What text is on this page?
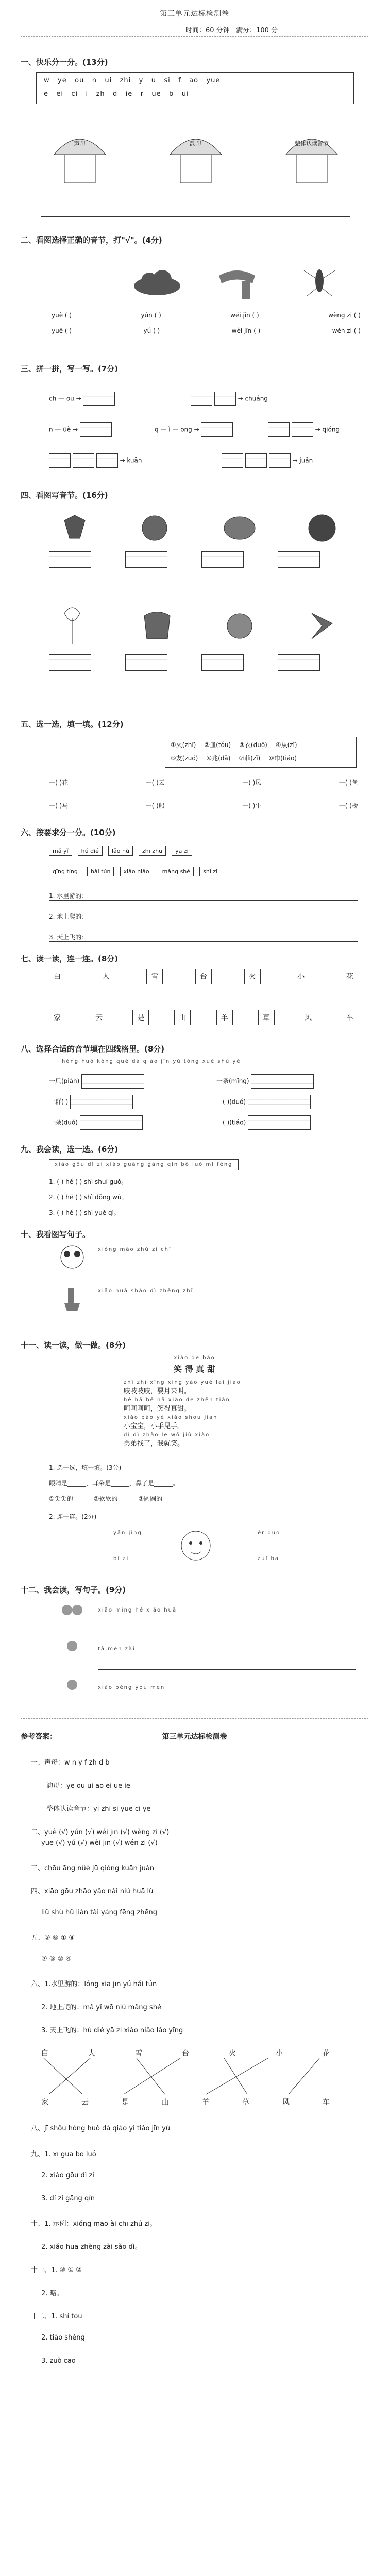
第三单元达标检测卷
时间：60 分钟 满分：100 分
一、快乐分一分。(13分)
w   ye   ou   n   ui   zhi   y   u   si   f   ao   yue
e   ei   ci   i   zh   d   ie   r   ue   b   ui
声母	韵母	整体认读音节
二、看图选择正确的音节，打"√"。(4分)
yuè ( )	yún ( )	wéi jīn ( )	wèng zi ( )
yuē ( )	yú ( )	wèi jīn ( )	wén zi ( )
三、拼一拼，写一写。(7分)
ch — ōu →	→ chuáng
n — üè →	q — ì — ōng →	→ qióng
→ kuān	→ juǎn
四、看图写音节。(16分)
五、选一选，填一填。(12分)
①火(zhī) ②皿(tóu) ③衣(duō) ④从(zǐ)
⑤友(zuó) ⑥兆(dā) ⑦菲(zǐ) ⑧巾(tiáo)
一( )花	一( )云	一( )凤	一( )鱼
一( )马	一( )船	一( )牛	一( )桥
六、按要求分一分。(10分)
mǎ yǐ hú dié lǎo hǔ zhī zhū yā zi
qīng tíng hǎi tún xiǎo niǎo mǎng shé shī zi
1. 水里游的：
2. 地上爬的：
3. 天上飞的：
七、读一读，连一连。(8分)
白	人	雪	台	火	小	花
家	云	是	山	羊	草	风	车
八、选择合适的音节填在四线格里。(8分)
hóng huò kǒng què dà qiáo jīn yú tóng xué shù yè
一只(piàn)
一群( )
一朵(duǒ)
一条(mīng)
一( )(duó)
一( )(tiáo)
九、我会读，选一选。(6分)
xiāo gōu dì zi xiǎo guāng gāng qín bō luó mǐ fēng
1. ( ) hé ( ) shì shuí guǒ。
2. ( ) hé ( ) shì dōng wù。
3. ( ) hé ( ) shì yuè qì。
十、我看图写句子。
xiǒng māo zhù zi chī
xiǎo huā shào dì zhēng zhī
十一、读一读，做一做。(8分)
xiào de bāo
笑 得 真 甜
zhī zhī xǐng xing yào yuè lai jiào
吱吱吱吱，要月来叫。
hē hā hē hā xiào de zhēn tián
呵呵呵呵，笑得真甜。
xiǎo bǎo yè xiǎo shou jian
小宝宝，小手见手。
dì dì zhǎo le wǒ jiù xiào
弟弟找了，我就笑。
1. 选一选，填一填。(3分)
眼睛是______，耳朵是______，鼻子是______。
①尖尖的	②软软的	③圆圆的
2. 连一连。(2分)
yǎn jing	ěr duo
bí zi	zuǐ ba
十二、我会读，写句子。(9分)
xiǎo míng hé xiǎo huā
tā men zài
xiǎo péng you men
参考答案：	第三单元达标检测卷
一、声母：w n y f zh d b
韵母：ye ou ui ao ei ue ie
整体认读音节：yi zhi si yue ci ye
二、yuè (√) yún (√) wéi jīn (√) wèng zi (√)
yuē (√) yú (√) wèi jīn (√) wén zi (√)
三、chōu āng nüè jū qióng kuān juǎn
四、xiāo gōu zhāo yǎo nǎi niú huā lù
liǔ shù hǔ lián tài yáng fēng zhēng
五、③ ⑥ ① ⑧
⑦ ⑤ ② ④
六、1.水里游的：lóng xiā jīn yú hǎi tún
2. 地上爬的：mǎ yǐ wō niú mǎng shé
3. 天上飞的：hú dié yā zi xiǎo niǎo lǎo yīng
白	人	雪	台	火	小	花
家	云	是	山	羊	草	风	车
八、jī shǒu hóng huò dà qiáo yì tiáo jīn yú
九、1. xī guā bō luó
2. xiǎo gōu dì zi
3. dí zi gāng qín
十、1. 示例：xióng māo ài chī zhú zi。
2. xiǎo huā zhèng zài sǎo dì。
十一、1. ③ ① ②
2. 略。
十二、1. shí tou
2. tiào shéng
3. zuò cāo
